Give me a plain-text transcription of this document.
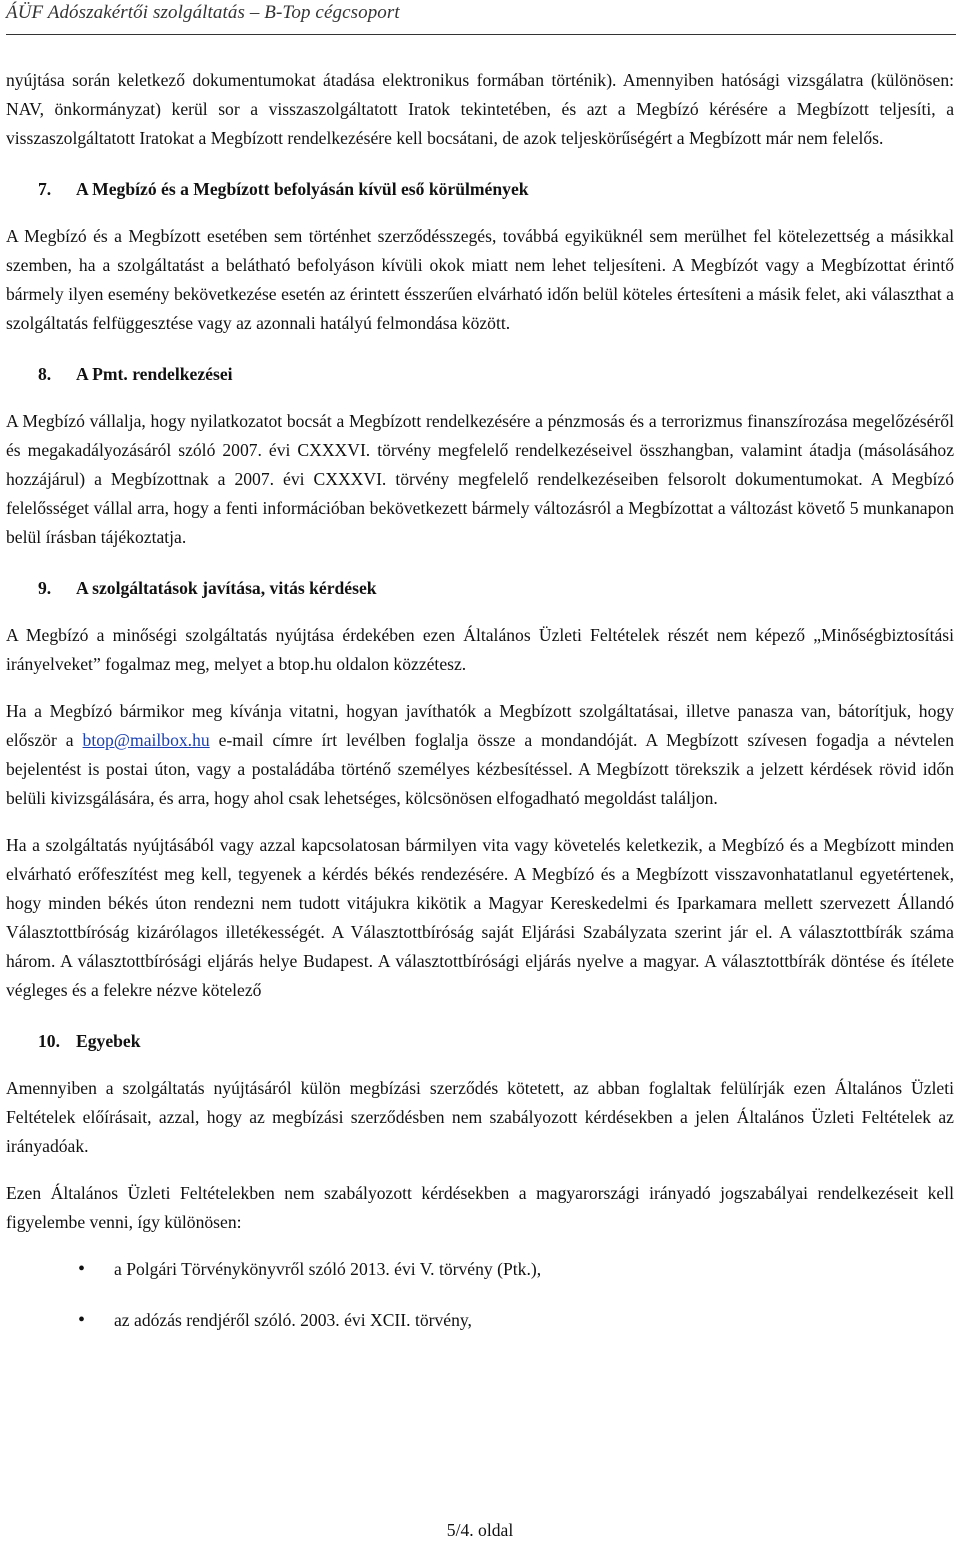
ÁÜF Adószakértői szolgáltatás – B-Top cégcsoport

nyújtása során keletkező dokumentumokat átadása elektronikus formában történik). Amennyiben hatósági vizsgálatra (különösen: NAV, önkormányzat) kerül sor a visszaszolgáltatott Iratok tekintetében, és azt a Megbízó kérésére a Megbízott teljesíti, a visszaszolgáltatott Iratokat a Megbízott rendelkezésére kell bocsátani, de azok teljeskörűségért a Megbízott már nem felelős.

7. A Megbízó és a Megbízott befolyásán kívül eső körülmények

A Megbízó és a Megbízott esetében sem történhet szerződésszegés, továbbá egyiküknél sem merülhet fel kötelezettség a másikkal szemben, ha a szolgáltatást a belátható befolyáson kívüli okok miatt nem lehet teljesíteni. A Megbízót vagy a Megbízottat érintő bármely ilyen esemény bekövetkezése esetén az érintett ésszerűen elvárható időn belül köteles értesíteni a másik felet, aki választhat a szolgáltatás felfüggesztése vagy az azonnali hatályú felmondása között.

8. A Pmt. rendelkezései

A Megbízó vállalja, hogy nyilatkozatot bocsát a Megbízott rendelkezésére a pénzmosás és a terrorizmus finanszírozása megelőzéséről és megakadályozásáról szóló 2007. évi CXXXVI. törvény megfelelő rendelkezéseivel összhangban, valamint átadja (másolásához hozzájárul) a Megbízottnak a 2007. évi CXXXVI. törvény megfelelő rendelkezéseiben felsorolt dokumentumokat. A Megbízó felelősséget vállal arra, hogy a fenti információban bekövetkezett bármely változásról a Megbízottat a változást követő 5 munkanapon belül írásban tájékoztatja.

9. A szolgáltatások javítása, vitás kérdések

A Megbízó a minőségi szolgáltatás nyújtása érdekében ezen Általános Üzleti Feltételek részét nem képező „Minőségbiztosítási irányelveket” fogalmaz meg, melyet a btop.hu oldalon közzétesz.

Ha a Megbízó bármikor meg kívánja vitatni, hogyan javíthatók a Megbízott szolgáltatásai, illetve panasza van, bátorítjuk, hogy először a btop@mailbox.hu e-mail címre írt levélben foglalja össze a mondandóját. A Megbízott szívesen fogadja a névtelen bejelentést is postai úton, vagy a postaládába történő személyes kézbesítéssel. A Megbízott törekszik a jelzett kérdések rövid időn belüli kivizsgálására, és arra, hogy ahol csak lehetséges, kölcsönösen elfogadható megoldást találjon.

Ha a szolgáltatás nyújtásából vagy azzal kapcsolatosan bármilyen vita vagy követelés keletkezik, a Megbízó és a Megbízott minden elvárható erőfeszítést meg kell, tegyenek a kérdés békés rendezésére. A Megbízó és a Megbízott visszavonhatatlanul egyetértenek, hogy minden békés úton rendezni nem tudott vitájukra kikötik a Magyar Kereskedelmi és Iparkamara mellett szervezett Állandó Választottbíróság kizárólagos illetékességét. A Választottbíróság saját Eljárási Szabályzata szerint jár el. A választottbírák száma három. A választottbírósági eljárás helye Budapest. A választottbírósági eljárás nyelve a magyar. A választottbírák döntése és ítélete végleges és a felekre nézve kötelező

10. Egyebek

Amennyiben a szolgáltatás nyújtásáról külön megbízási szerződés kötetett, az abban foglaltak felülírják ezen Általános Üzleti Feltételek előírásait, azzal, hogy az megbízási szerződésben nem szabályozott kérdésekben a jelen Általános Üzleti Feltételek az irányadóak.

Ezen Általános Üzleti Feltételekben nem szabályozott kérdésekben a magyarországi irányadó jogszabályai rendelkezéseit kell figyelembe venni, így különösen:

• a Polgári Törvénykönyvről szóló 2013. évi V. törvény (Ptk.),
• az adózás rendjéről szóló. 2003. évi XCII. törvény,
5/4. oldal
